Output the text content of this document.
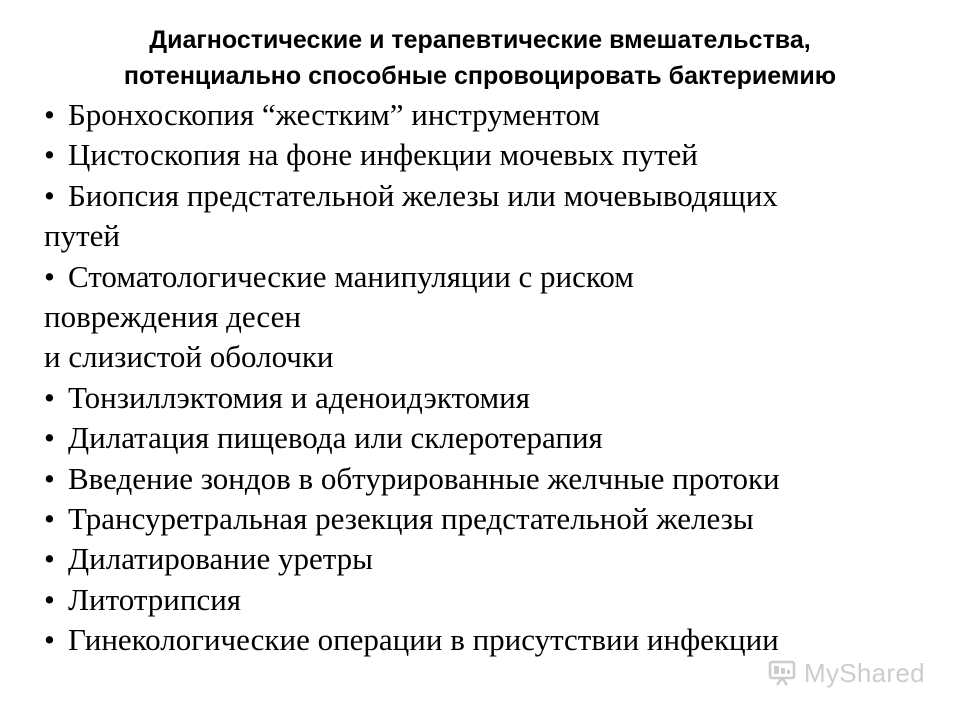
Диагностические и терапевтические вмешательства,
потенциально способные спровоцировать бактериемию
• Бронхоскопия “жестким” инструментом
• Цистоскопия на фоне инфекции мочевых путей
• Биопсия предстательной железы или мочевыводящих
путей
• Стоматологические манипуляции с риском
повреждения десен
и слизистой оболочки
• Тонзиллэктомия и аденоидэктомия
• Дилатация пищевода или склеротерапия
• Введение зондов в обтурированные желчные протоки
• Трансуретральная резекция предстательной железы
• Дилатирование уретры
• Литотрипсия
• Гинекологические операции в присутствии инфекции
MyShared
